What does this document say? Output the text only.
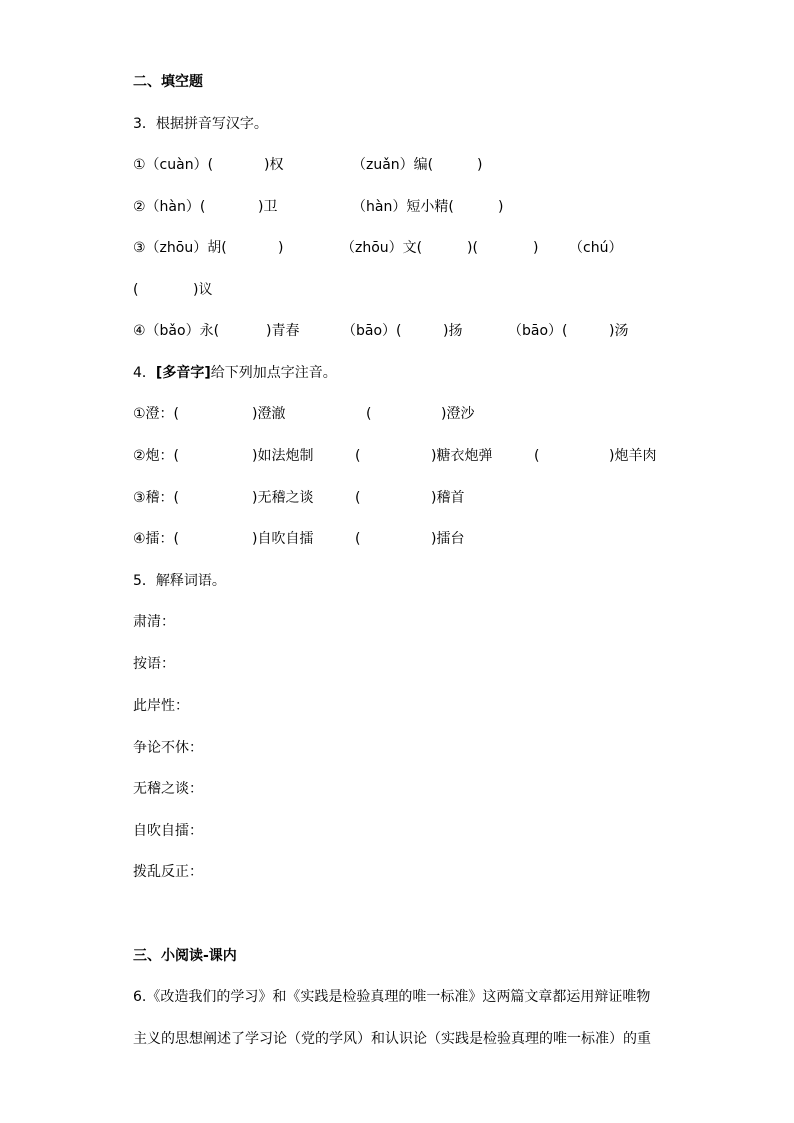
二、填空题
3．根据拼音写汉字。
①（cuàn）(	)权	（zuǎn）编(	)
②（hàn）(	)卫	（hàn）短小精(	)
③（zhōu）胡(	)	（zhōu）文(	)(	) （chú）
(	)议
④（bǎo）永(	)青春	（bāo）(	)扬	（bāo）(	)汤
4．[多音字]给下列加点字注音。
①澄：(	)澄澈	(	)澄沙
②炮：(	)如法炮制	(	)糖衣炮弹	(	)炮羊肉
③稽：(	)无稽之谈	(	)稽首
④擂：(	)自吹自擂	(	)擂台
5．解释词语。
肃清：
按语：
此岸性：
争论不休：
无稽之谈：
自吹自擂：
拨乱反正：
三、小阅读-课内
6.《改造我们的学习》和《实践是检验真理的唯一标准》这两篇文章都运用辩证唯物
主义的思想阐述了学习论（党的学风）和认识论（实践是检验真理的唯一标准）的重
